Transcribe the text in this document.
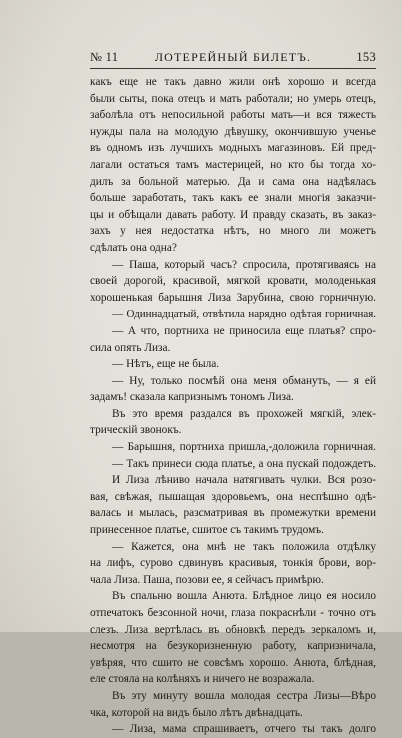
№ 11	ЛОТЕРЕЙНЫЙ БИЛЕТЪ.	153
какъ еще не такъ давно жили онѣ хорошо и всегда
были сыты, пока отецъ и мать работали; но умерь отецъ,
заболѣла отъ непосильной работы мать—и вся тяжесть
нужды пала на молодую дѣвушку, окончившую ученье
въ одномъ изъ лучшихъ модныхъ магазиновъ. Ей пред-
лагали остаться тамъ мастерицей, но кто бы тогда хо-
дилъ за больной матерью. Да и сама она надѣялась
больше заработать, такъ какъ ее знали многія заказчи-
цы и обѣщали давать работу. И правду сказать, въ заказ-
захъ у нея недостатка нѣтъ, но много ли можетъ
сдѣлать она одна?
— Паша, который часъ? спросила, протягиваясь на
своей дорогой, красивой, мягкой кровати, молоденькая
хорошенькая барышня Лиза Зарубина, свою горничную.
— Одиннадцатый, отвѣтила нарядно одѣтая горничная.
— А что, портниха не приносила еще платья? спро-
сила опять Лиза.
— Нѣтъ, еще не была.
— Ну, только посмѣй она меня обмануть, — я ей
задамъ! сказала капризнымъ тономъ Лиза.
Въ это время раздался въ прохожей мягкій, элек-
трическій звонокъ.
— Барышня, портниха пришла,-доложила горничная.
— Такъ принеси сюда платье, а она пускай подождетъ.
И Лиза лѣниво начала натягивать чулки. Вся розо-
вая, свѣжая, пышащая здоровьемъ, она неспѣшно одѣ-
валась и мылась, разсматривая въ промежутки времени
принесенное платье, сшитое съ такимъ трудомъ.
— Кажется, она мнѣ не такъ положила отдѣлку
на лифъ, сурово сдвинувъ красивыя, тонкія брови, вор-
чала Лиза. Паша, позови ее, я сейчасъ примѣрю.
Въ спальню вошла Анюта. Блѣдное лицо ея носило
отпечатокъ безсонной ночи, глаза покраснѣли - точно отъ
слезъ. Лиза вертѣлась въ обновкѣ передъ зеркаломъ и,
несмотря на безукоризненную работу, капризничала,
увѣряя, что сшито не совсѣмъ хорошо. Анюта, блѣдная,
еле стояла на колѣняхъ и ничего не возражала.
Въ эту минуту вошла молодая сестра Лизы—Вѣро
чка, которой на видъ было лѣтъ двѣнадцать.
— Лиза, мама спрашиваетъ, отчего ты такъ долго
